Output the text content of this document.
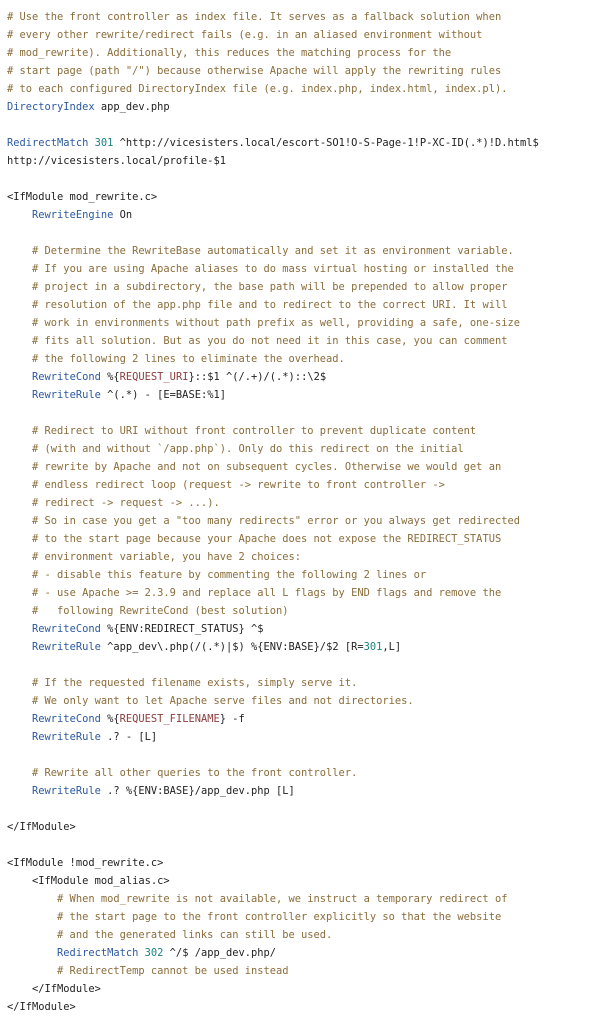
# Use the front controller as index file. It serves as a fallback solution when
# every other rewrite/redirect fails (e.g. in an aliased environment without
# mod_rewrite). Additionally, this reduces the matching process for the
# start page (path "/") because otherwise Apache will apply the rewriting rules
# to each configured DirectoryIndex file (e.g. index.php, index.html, index.pl).
DirectoryIndex app_dev.php
RedirectMatch 301 ^http://vicesisters.local/escort-SO1!O-S-Page-1!P-XC-ID(.*)!D.html$
http://vicesisters.local/profile-$1
<IfModule mod_rewrite.c>
RewriteEngine On
# Determine the RewriteBase automatically and set it as environment variable.
# If you are using Apache aliases to do mass virtual hosting or installed the
# project in a subdirectory, the base path will be prepended to allow proper
# resolution of the app.php file and to redirect to the correct URI. It will
# work in environments without path prefix as well, providing a safe, one-size
# fits all solution. But as you do not need it in this case, you can comment
# the following 2 lines to eliminate the overhead.
RewriteCond %{REQUEST_URI}::$1 ^(/.+)/(.*)::\2$
RewriteRule ^(.*) - [E=BASE:%1]
# Redirect to URI without front controller to prevent duplicate content
# (with and without `/app.php`). Only do this redirect on the initial
# rewrite by Apache and not on subsequent cycles. Otherwise we would get an
# endless redirect loop (request -> rewrite to front controller ->
# redirect -> request -> ...).
# So in case you get a "too many redirects" error or you always get redirected
# to the start page because your Apache does not expose the REDIRECT_STATUS
# environment variable, you have 2 choices:
# - disable this feature by commenting the following 2 lines or
# - use Apache >= 2.3.9 and replace all L flags by END flags and remove the
#   following RewriteCond (best solution)
RewriteCond %{ENV:REDIRECT_STATUS} ^$
RewriteRule ^app_dev\.php(/(.*)|$) %{ENV:BASE}/$2 [R=301,L]
# If the requested filename exists, simply serve it.
# We only want to let Apache serve files and not directories.
RewriteCond %{REQUEST_FILENAME} -f
RewriteRule .? - [L]
# Rewrite all other queries to the front controller.
RewriteRule .? %{ENV:BASE}/app_dev.php [L]
</IfModule>
<IfModule !mod_rewrite.c>
<IfModule mod_alias.c>
# When mod_rewrite is not available, we instruct a temporary redirect of
# the start page to the front controller explicitly so that the website
# and the generated links can still be used.
RedirectMatch 302 ^/$ /app_dev.php/
# RedirectTemp cannot be used instead
</IfModule>
</IfModule>
